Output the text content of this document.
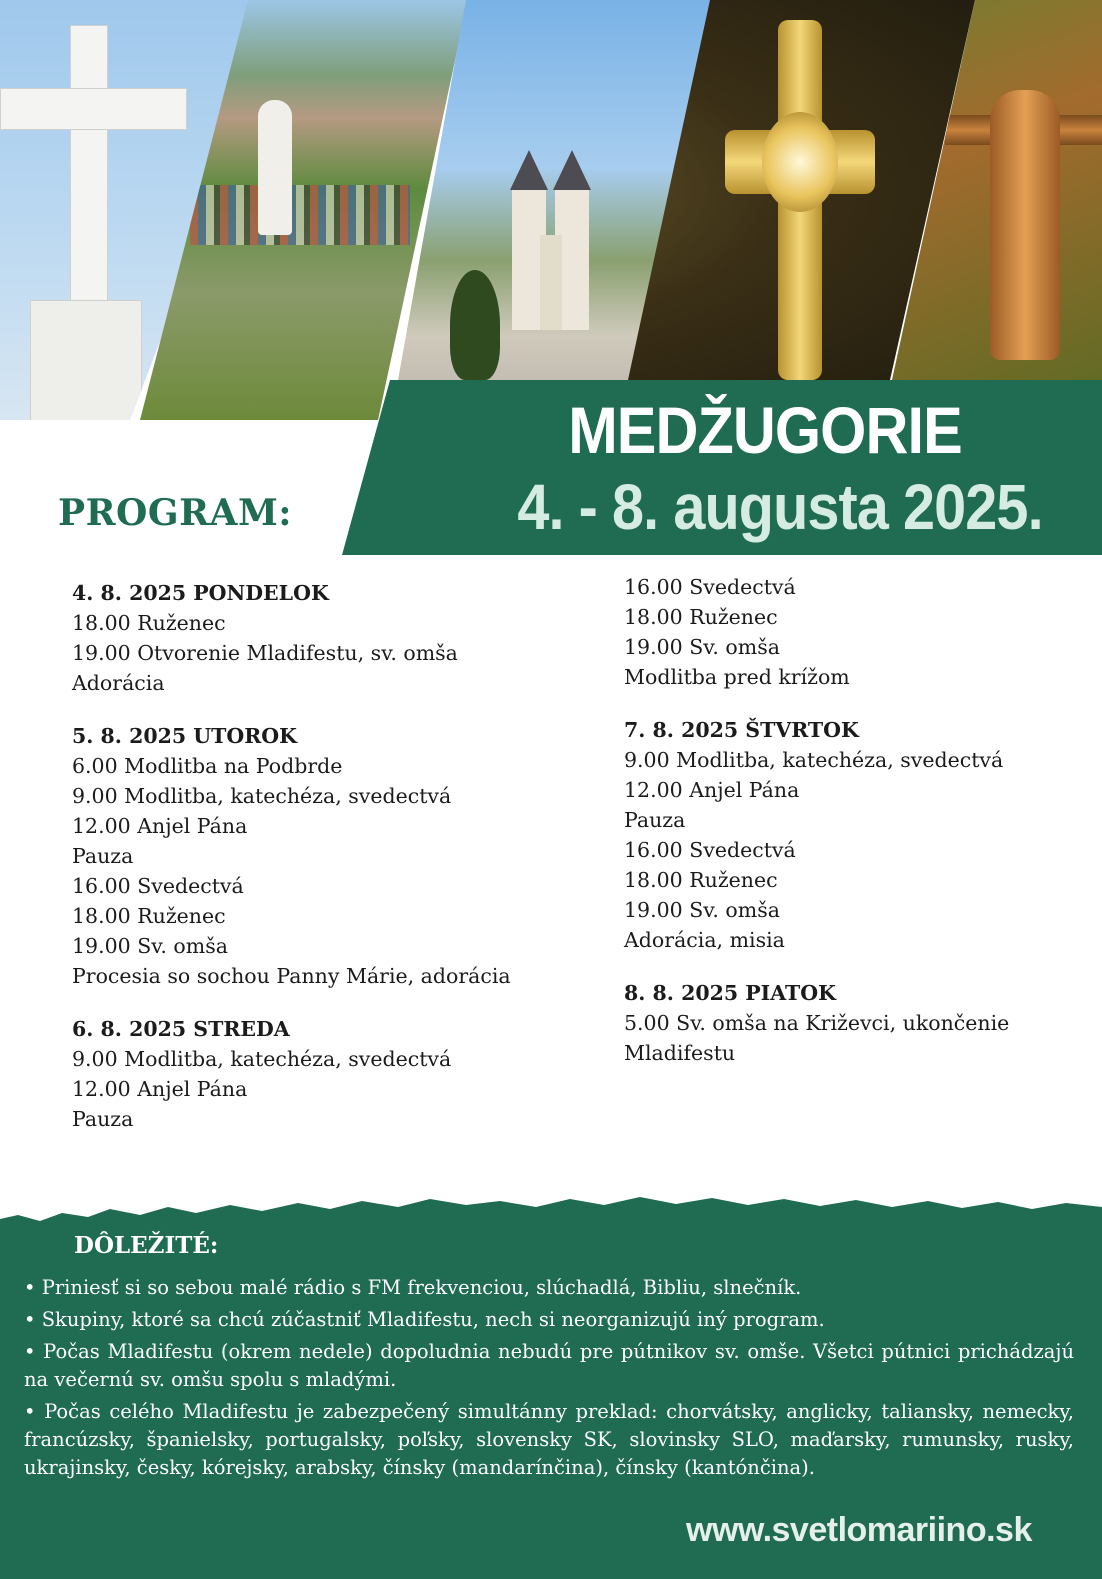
MEDŽUGORIE
4. - 8. augusta 2025.
PROGRAM:
4. 8. 2025 PONDELOK
18.00 Ruženec
19.00 Otvorenie Mladifestu, sv. omša
Adorácia
5. 8. 2025 UTOROK
6.00 Modlitba na Podbrde
9.00 Modlitba, katechéza, svedectvá
12.00 Anjel Pána
Pauza
16.00 Svedectvá
18.00 Ruženec
19.00 Sv. omša
Procesia so sochou Panny Márie, adorácia
6. 8. 2025 STREDA
9.00 Modlitba, katechéza, svedectvá
12.00 Anjel Pána
Pauza
16.00 Svedectvá
18.00 Ruženec
19.00 Sv. omša
Modlitba pred krížom
7. 8. 2025 ŠTVRTOK
9.00 Modlitba, katechéza, svedectvá
12.00 Anjel Pána
Pauza
16.00 Svedectvá
18.00 Ruženec
19.00 Sv. omša
Adorácia, misia
8. 8. 2025 PIATOK
5.00 Sv. omša na Križevci, ukončenie
Mladifestu
DÔLEŽITÉ:
• Priniesť si so sebou malé rádio s FM frekvenciou, slúchadlá, Bibliu, slnečník.
• Skupiny, ktoré sa chcú zúčastniť Mladifestu, nech si neorganizujú iný program.
• Počas Mladifestu (okrem nedele) dopoludnia nebudú pre pútnikov sv. omše. Všetci pútnici prichádzajú na večernú sv. omšu spolu s mladými.
• Počas celého Mladifestu je zabezpečený simultánny preklad: chorvátsky, anglicky, taliansky, nemecky, francúzsky, španielsky, portugalsky, poľsky, slovensky SK, slovinsky SLO, maďarsky, rumunsky, rusky, ukrajinsky, česky, kórejsky, arabsky, čínsky (mandarínčina), čínsky (kantónčina).
www.svetlomariino.sk
